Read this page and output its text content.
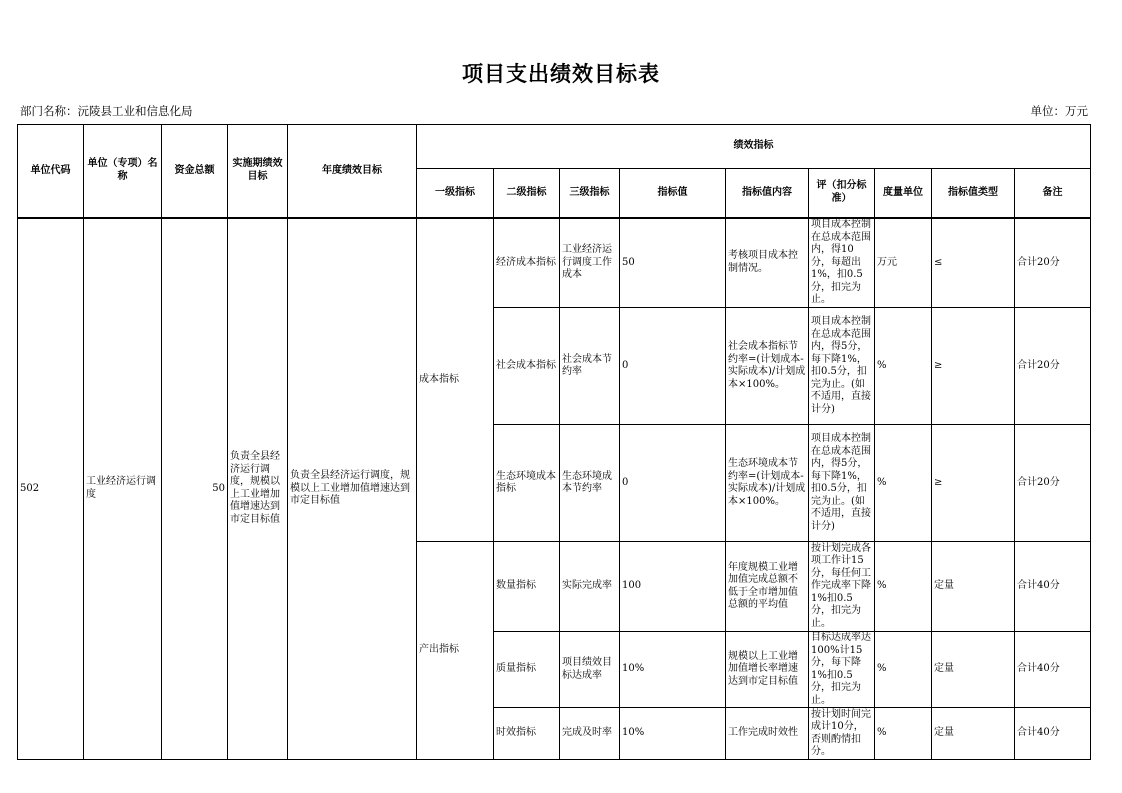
项目支出绩效目标表
部门名称：沅陵县工业和信息化局	单位：万元
单位代码	单位（专项）名称	资金总额	实施期绩效目标	年度绩效目标	绩效指标								
					一级指标	二级指标	三级指标	指标值	指标值内容	评（扣分标准）	度量单位	指标值类型	备注
502	工业经济运行调度	50	负责全县经济运行调度，规模以上工业增加值增速达到市定目标值	负责全县经济运行调度，规模以上工业增加值增速达到市定目标值	成本指标	经济成本指标	工业经济运行调度工作成本	50	考核项目成本控制情况。	项目成本控制在总成本范围内，得10分，每超出1%，扣0.5分，扣完为止。	万元	≤	合计20分
						社会成本指标	社会成本节约率	0	社会成本指标节约率=(计划成本-实际成本)/计划成本×100%。	项目成本控制在总成本范围内，得5分，每下降1%，扣0.5分，扣完为止。(如不适用，直接计分)	%	≥	合计20分
						生态环境成本指标	生态环境成本节约率	0	生态环境成本节约率=(计划成本-实际成本)/计划成本×100%。	项目成本控制在总成本范围内，得5分，每下降1%，扣0.5分，扣完为止。(如不适用，直接计分)	%	≥	合计20分
					产出指标	数量指标	实际完成率	100	年度规模工业增加值完成总额不低于全市增加值总额的平均值	按计划完成各项工作计15分，每任何工作完成率下降1%扣0.5分，扣完为止。	%	定量	合计40分
						质量指标	项目绩效目标达成率	10%	规模以上工业增加值增长率增速达到市定目标值	目标达成率达100%计15分，每下降1%扣0.5分，扣完为止。	%	定量	合计40分
						时效指标	完成及时率	10%	工作完成时效性	按计划时间完成计10分，否则酌情扣分。	%	定量	合计40分
